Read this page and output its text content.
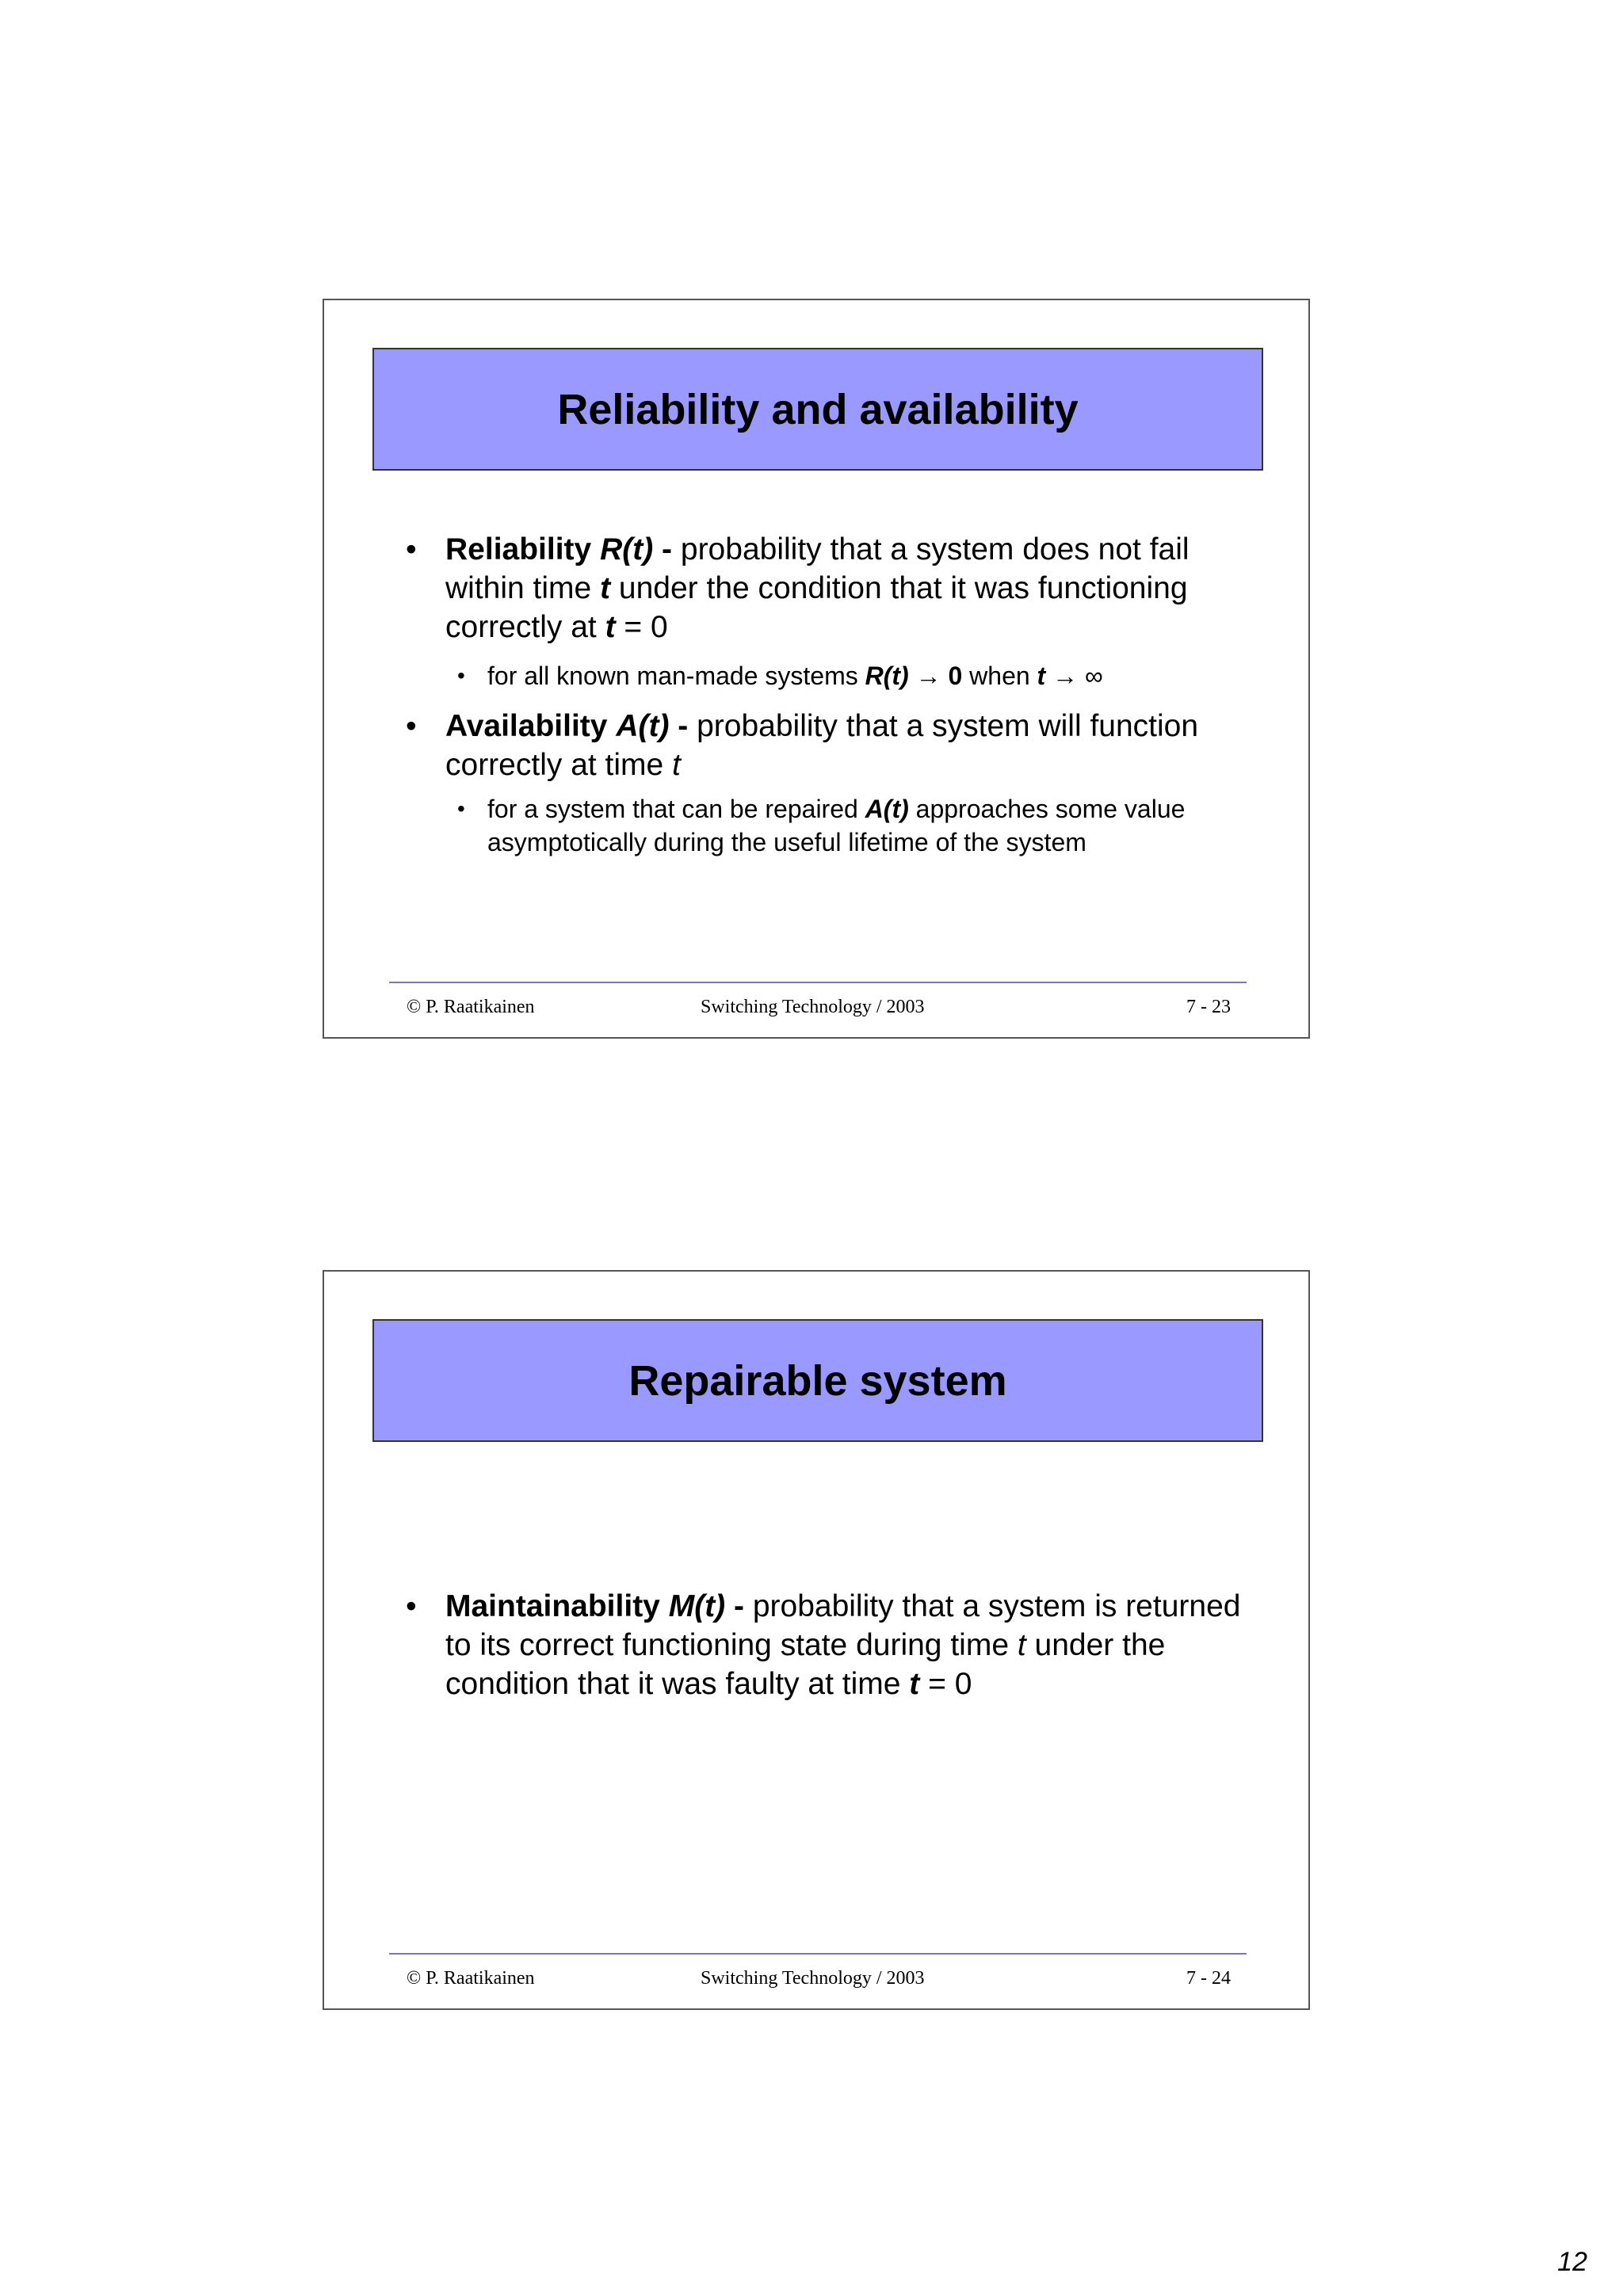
Reliability and availability
• Reliability R(t) - probability that a system does not fail within time t under the condition that it was functioning correctly at t = 0
• for all known man-made systems R(t) → 0 when t → ∞
• Availability A(t) - probability that a system will function correctly at time t
• for a system that can be repaired A(t) approaches some value asymptotically during the useful lifetime of the system
© P. Raatikainen	Switching Technology / 2003	7 - 23
Repairable system
• Maintainability M(t) - probability that a system is returned to its correct functioning state during time t under the condition that it was faulty at time t = 0
© P. Raatikainen	Switching Technology / 2003	7 - 24
12
